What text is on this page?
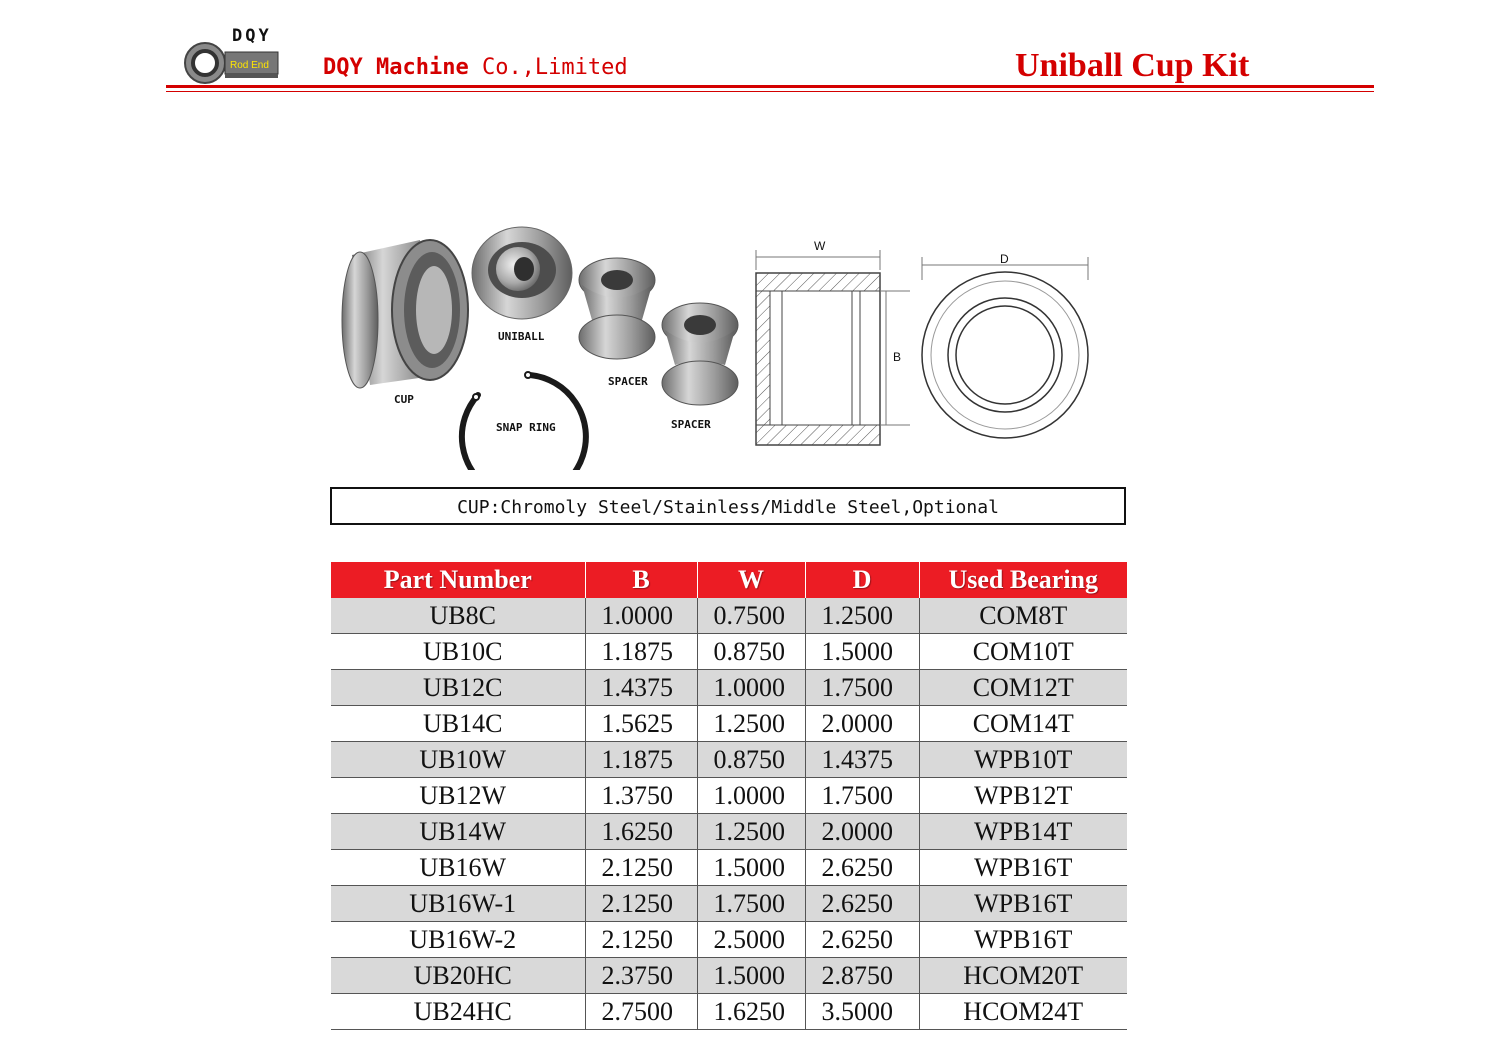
Rod End
DQY
DQY Machine Co.,Limited	Uniball Cup Kit
CUP
UNIBALL
SPACER
SPACER
SNAP RING
W
B
D
CUP:Chromoly Steel/Stainless/Middle Steel,Optional
Part Number	B	W	D	Used Bearing
UB8C	1.0000	0.7500	1.2500	COM8T
UB10C	1.1875	0.8750	1.5000	COM10T
UB12C	1.4375	1.0000	1.7500	COM12T
UB14C	1.5625	1.2500	2.0000	COM14T
UB10W	1.1875	0.8750	1.4375	WPB10T
UB12W	1.3750	1.0000	1.7500	WPB12T
UB14W	1.6250	1.2500	2.0000	WPB14T
UB16W	2.1250	1.5000	2.6250	WPB16T
UB16W-1	2.1250	1.7500	2.6250	WPB16T
UB16W-2	2.1250	2.5000	2.6250	WPB16T
UB20HC	2.3750	1.5000	2.8750	HCOM20T
UB24HC	2.7500	1.6250	3.5000	HCOM24T
